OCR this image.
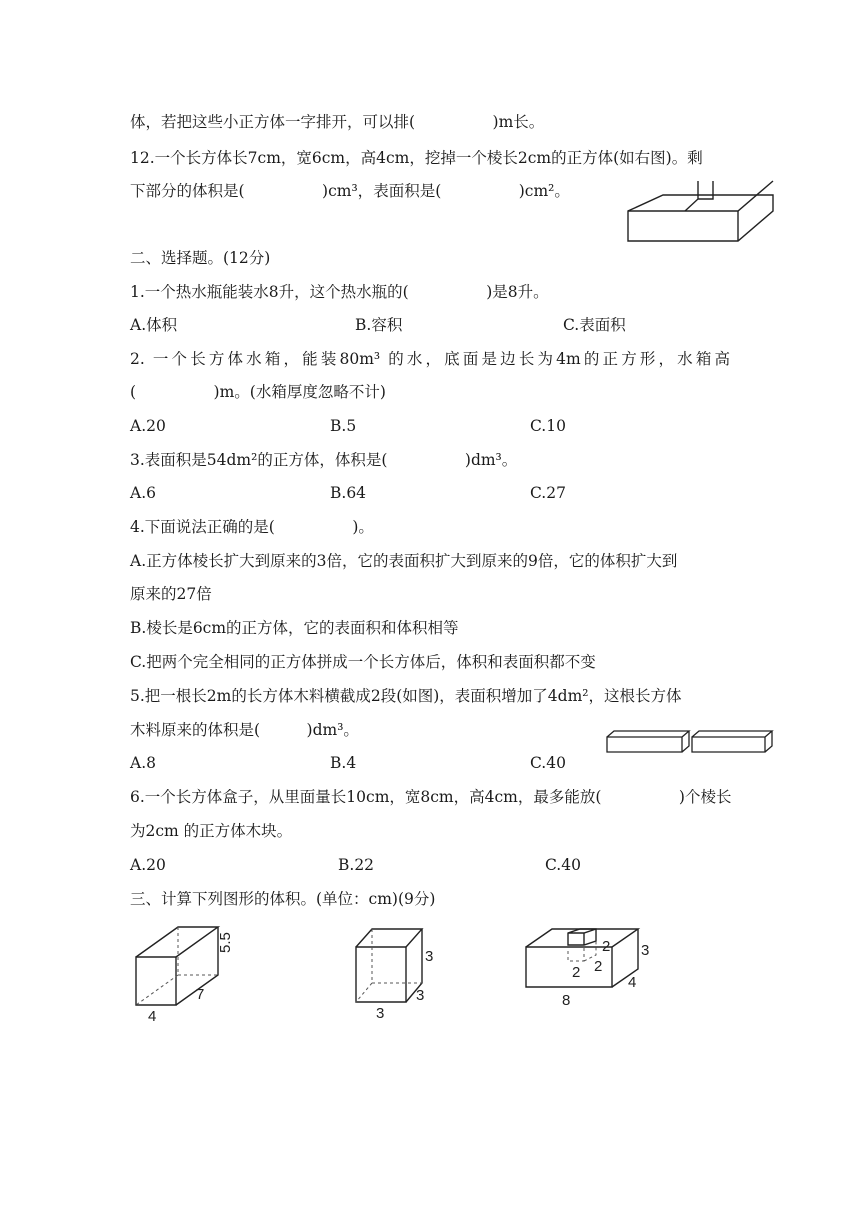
体，若把这些小正方体一字排开，可以排(　　　　　)m长。
12.一个长方体长7cm，宽6cm，高4cm，挖掉一个棱长2cm的正方体(如右图)。剩
下部分的体积是(　　　　　)cm³，表面积是(　　　　　)cm²。
二、选择题。(12分)
1.一个热水瓶能装水8升，这个热水瓶的(　　　　　)是8升。
A.体积	B.容积	C.表面积
2. 一个长方体水箱，能装80m³ 的水，底面是边长为4m的正方形，水箱高
(　　　　　)m。(水箱厚度忽略不计)
A.20	B.5	C.10
3.表面积是54dm²的正方体，体积是(　　　　　)dm³。
A.6	B.64	C.27
4.下面说法正确的是(　　　　　)。
A.正方体棱长扩大到原来的3倍，它的表面积扩大到原来的9倍，它的体积扩大到
原来的27倍
B.棱长是6cm的正方体，它的表面积和体积相等
C.把两个完全相同的正方体拼成一个长方体后，体积和表面积都不变
5.把一根长2m的长方体木料横截成2段(如图)，表面积增加了4dm²，这根长方体
木料原来的体积是(　　　)dm³。
A.8	B.4	C.40
6.一个长方体盒子，从里面量长10cm，宽8cm，高4cm，最多能放(　　　　　)个棱长
为2cm 的正方体木块。
A.20	B.22	C.40
三、计算下列图形的体积。(单位：cm)(9分)
5.5
7
4
3
3
3
3
4
8
2
2 2
